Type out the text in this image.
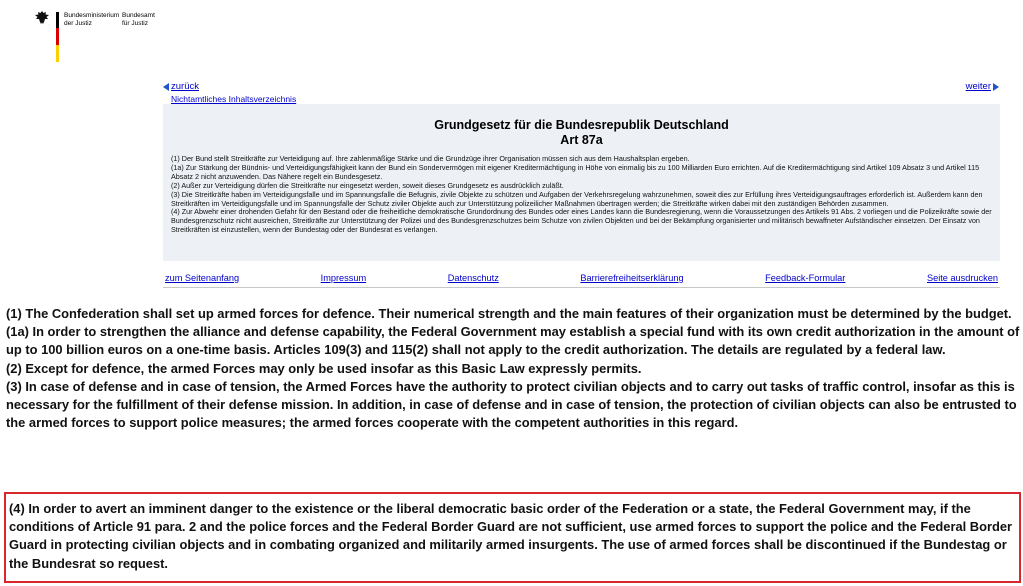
Bundesministerium
der Justiz
Bundesamt
für Justiz
zurück	weiter
Nichtamtliches Inhaltsverzeichnis
Grundgesetz für die Bundesrepublik Deutschland
Art 87a

(1) Der Bund stellt Streitkräfte zur Verteidigung auf. Ihre zahlenmäßige Stärke und die Grundzüge ihrer Organisation müssen sich aus dem Haushaltsplan ergeben.

(1a) Zur Stärkung der Bündnis- und Verteidigungsfähigkeit kann der Bund ein Sondervermögen mit eigener Kreditermächtigung in Höhe von einmalig bis zu 100 Milliarden Euro errichten. Auf die Kreditermächtigung sind Artikel 109 Absatz 3 und Artikel 115 Absatz 2 nicht anzuwenden. Das Nähere regelt ein Bundesgesetz.

(2) Außer zur Verteidigung dürfen die Streitkräfte nur eingesetzt werden, soweit dieses Grundgesetz es ausdrücklich zuläßt.

(3) Die Streitkräfte haben im Verteidigungsfalle und im Spannungsfalle die Befugnis, zivile Objekte zu schützen und Aufgaben der Verkehrsregelung wahrzunehmen, soweit dies zur Erfüllung ihres Verteidigungsauftrages erforderlich ist. Außerdem kann den Streitkräften im Verteidigungsfalle und im Spannungsfalle der Schutz ziviler Objekte auch zur Unterstützung polizeilicher Maßnahmen übertragen werden; die Streitkräfte wirken dabei mit den zuständigen Behörden zusammen.

(4) Zur Abwehr einer drohenden Gefahr für den Bestand oder die freiheitliche demokratische Grundordnung des Bundes oder eines Landes kann die Bundesregierung, wenn die Voraussetzungen des Artikels 91 Abs. 2 vorliegen und die Polizeikräfte sowie der Bundesgrenzschutz nicht ausreichen, Streitkräfte zur Unterstützung der Polizei und des Bundesgrenzschutzes beim Schutze von zivilen Objekten und bei der Bekämpfung organisierter und militärisch bewaffneter Aufständischer einsetzen. Der Einsatz von Streitkräften ist einzustellen, wenn der Bundestag oder der Bundesrat es verlangen.

zum Seitenanfang	Impressum	Datenschutz	Barrierefreiheitserklärung	Feedback-Formular	Seite ausdrucken

(1) The Confederation shall set up armed forces for defence. Their numerical strength and the main features of their organization must be determined by the budget.

(1a) In order to strengthen the alliance and defense capability, the Federal Government may establish a special fund with its own credit authorization in the amount of up to 100 billion euros on a one-time basis. Articles 109(3) and 115(2) shall not apply to the credit authorization. The details are regulated by a federal law.

(2) Except for defence, the armed Forces may only be used insofar as this Basic Law expressly permits.

(3) In case of defense and in case of tension, the Armed Forces have the authority to protect civilian objects and to carry out tasks of traffic control, insofar as this is necessary for the fulfillment of their defense mission. In addition, in case of defense and in case of tension, the protection of civilian objects can also be entrusted to the armed forces to support police measures; the armed forces cooperate with the competent authorities in this regard.

(4) In order to avert an imminent danger to the existence or the liberal democratic basic order of the Federation or a state, the Federal Government may, if the conditions of Article 91 para. 2 and the police forces and the Federal Border Guard are not sufficient, use armed forces to support the police and the Federal Border Guard in protecting civilian objects and in combating organized and militarily armed insurgents. The use of armed forces shall be discontinued if the Bundestag or the Bundesrat so request.
